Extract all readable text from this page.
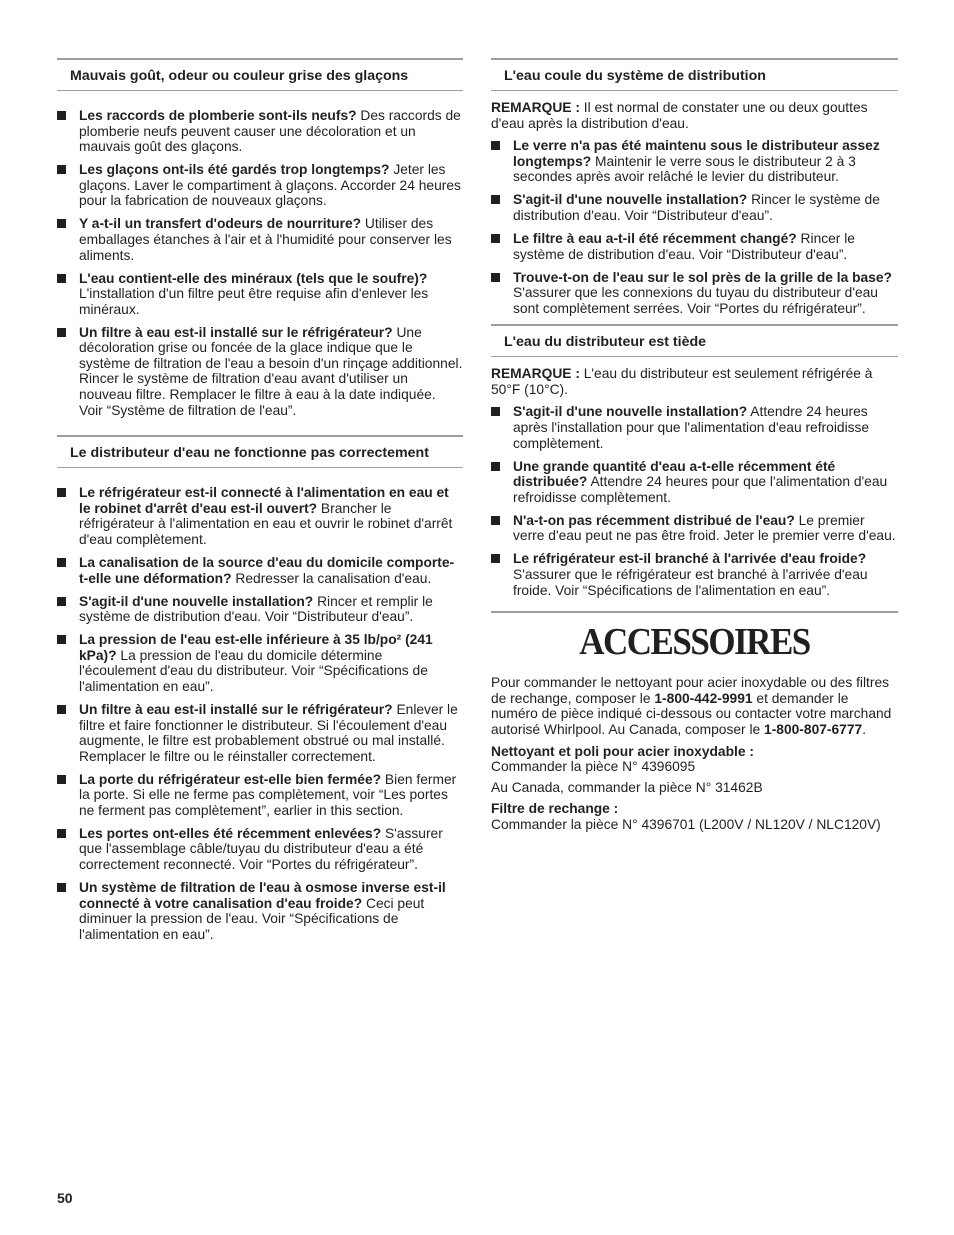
Mauvais goût, odeur ou couleur grise des glaçons
Les raccords de plomberie sont-ils neufs? Des raccords de plomberie neufs peuvent causer une décoloration et un mauvais goût des glaçons.
Les glaçons ont-ils été gardés trop longtemps? Jeter les glaçons. Laver le compartiment à glaçons. Accorder 24 heures pour la fabrication de nouveaux glaçons.
Y a-t-il un transfert d'odeurs de nourriture? Utiliser des emballages étanches à l'air et à l'humidité pour conserver les aliments.
L'eau contient-elle des minéraux (tels que le soufre)? L'installation d'un filtre peut être requise afin d'enlever les minéraux.
Un filtre à eau est-il installé sur le réfrigérateur? Une décoloration grise ou foncée de la glace indique que le système de filtration de l'eau a besoin d'un rinçage additionnel. Rincer le système de filtration d'eau avant d'utiliser un nouveau filtre. Remplacer le filtre à eau à la date indiquée. Voir “Système de filtration de l'eau”.
Le distributeur d'eau ne fonctionne pas correctement
Le réfrigérateur est-il connecté à l'alimentation en eau et le robinet d'arrêt d'eau est-il ouvert? Brancher le réfrigérateur à l'alimentation en eau et ouvrir le robinet d'arrêt d'eau complètement.
La canalisation de la source d'eau du domicile comporte-t-elle une déformation? Redresser la canalisation d'eau.
S'agit-il d'une nouvelle installation? Rincer et remplir le système de distribution d'eau. Voir “Distributeur d'eau”.
La pression de l'eau est-elle inférieure à 35 lb/po² (241 kPa)? La pression de l'eau du domicile détermine l'écoulement d'eau du distributeur. Voir “Spécifications de l'alimentation en eau”.
Un filtre à eau est-il installé sur le réfrigérateur? Enlever le filtre et faire fonctionner le distributeur. Si l'écoulement d'eau augmente, le filtre est probablement obstrué ou mal installé. Remplacer le filtre ou le réinstaller correctement.
La porte du réfrigérateur est-elle bien fermée? Bien fermer la porte. Si elle ne ferme pas complètement, voir “Les portes ne ferment pas complètement”, earlier in this section.
Les portes ont-elles été récemment enlevées? S'assurer que l'assemblage câble/tuyau du distributeur d'eau a été correctement reconnecté. Voir “Portes du réfrigérateur”.
Un système de filtration de l'eau à osmose inverse est-il connecté à votre canalisation d'eau froide? Ceci peut diminuer la pression de l'eau. Voir “Spécifications de l'alimentation en eau”.
L'eau coule du système de distribution

REMARQUE : Il est normal de constater une ou deux gouttes d'eau après la distribution d'eau.

Le verre n'a pas été maintenu sous le distributeur assez longtemps? Maintenir le verre sous le distributeur 2 à 3 secondes après avoir relâché le levier du distributeur.
S'agit-il d'une nouvelle installation? Rincer le système de distribution d'eau. Voir “Distributeur d'eau”.
Le filtre à eau a-t-il été récemment changé? Rincer le système de distribution d'eau. Voir “Distributeur d'eau”.
Trouve-t-on de l'eau sur le sol près de la grille de la base? S'assurer que les connexions du tuyau du distributeur d'eau sont complètement serrées. Voir “Portes du réfrigérateur”.
L'eau du distributeur est tiède

REMARQUE : L'eau du distributeur est seulement réfrigérée à 50°F (10°C).

S'agit-il d'une nouvelle installation? Attendre 24 heures après l'installation pour que l'alimentation d'eau refroidisse complètement.
Une grande quantité d'eau a-t-elle récemment été distribuée? Attendre 24 heures pour que l'alimentation d'eau refroidisse complètement.
N'a-t-on pas récemment distribué de l'eau? Le premier verre d'eau peut ne pas être froid. Jeter le premier verre d'eau.
Le réfrigérateur est-il branché à l'arrivée d'eau froide? S'assurer que le réfrigérateur est branché à l'arrivée d'eau froide. Voir “Spécifications de l'alimentation en eau”.
ACCESSOIRES

Pour commander le nettoyant pour acier inoxydable ou des filtres de rechange, composer le 1-800-442-9991 et demander le numéro de pièce indiqué ci-dessous ou contacter votre marchand autorisé Whirlpool. Au Canada, composer le 1-800-807-6777.

Nettoyant et poli pour acier inoxydable :

Commander la pièce N° 4396095

Au Canada, commander la pièce N° 31462B

Filtre de rechange :

Commander la pièce N° 4396701 (L200V / NL120V / NLC120V)

50
